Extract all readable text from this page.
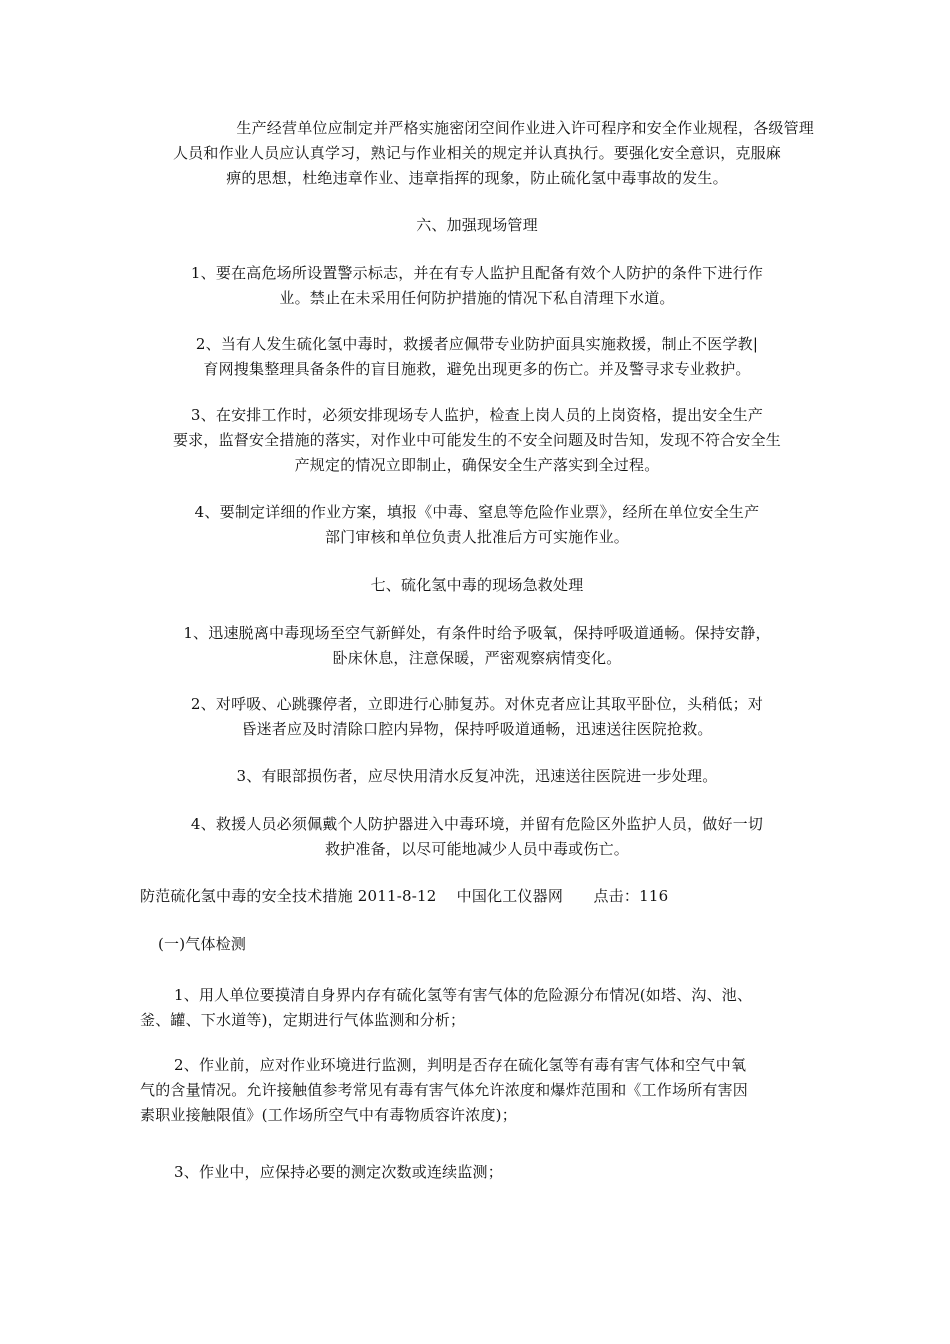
生产经营单位应制定并严格实施密闭空间作业进入许可程序和安全作业规程，各级管理
人员和作业人员应认真学习，熟记与作业相关的规定并认真执行。要强化安全意识，克服麻
痹的思想，杜绝违章作业、违章指挥的现象，防止硫化氢中毒事故的发生。
六、加强现场管理
1、要在高危场所设置警示标志，并在有专人监护且配备有效个人防护的条件下进行作
业。禁止在未采用任何防护措施的情况下私自清理下水道。
2、当有人发生硫化氢中毒时，救援者应佩带专业防护面具实施救援，制止不医学教|
育网搜集整理具备条件的盲目施救，避免出现更多的伤亡。并及警寻求专业救护。
3、在安排工作时，必须安排现场专人监护，检查上岗人员的上岗资格，提出安全生产
要求，监督安全措施的落实，对作业中可能发生的不安全问题及时告知，发现不符合安全生
产规定的情况立即制止，确保安全生产落实到全过程。
4、要制定详细的作业方案，填报《中毒、窒息等危险作业票》，经所在单位安全生产
部门审核和单位负责人批准后方可实施作业。
七、硫化氢中毒的现场急救处理
1、迅速脱离中毒现场至空气新鲜处，有条件时给予吸氧，保持呼吸道通畅。保持安静，
卧床休息，注意保暖，严密观察病情变化。
2、对呼吸、心跳骤停者，立即进行心肺复苏。对休克者应让其取平卧位，头稍低；对
昏迷者应及时清除口腔内异物，保持呼吸道通畅，迅速送往医院抢救。
3、有眼部损伤者，应尽快用清水反复冲洗，迅速送往医院进一步处理。
4、救援人员必须佩戴个人防护器进入中毒环境，并留有危险区外监护人员，做好一切
救护准备，以尽可能地减少人员中毒或伤亡。
防范硫化氢中毒的安全技术措施 2011-8-12　 中国化工仪器网　　点击：116
(一)气体检测
1、用人单位要摸清自身界内存有硫化氢等有害气体的危险源分布情况(如塔、沟、池、
釜、罐、下水道等)，定期进行气体监测和分析；
2、作业前，应对作业环境进行监测，判明是否存在硫化氢等有毒有害气体和空气中氧
气的含量情况。允许接触值参考常见有毒有害气体允许浓度和爆炸范围和《工作场所有害因
素职业接触限值》(工作场所空气中有毒物质容许浓度)；
3、作业中，应保持必要的测定次数或连续监测；
